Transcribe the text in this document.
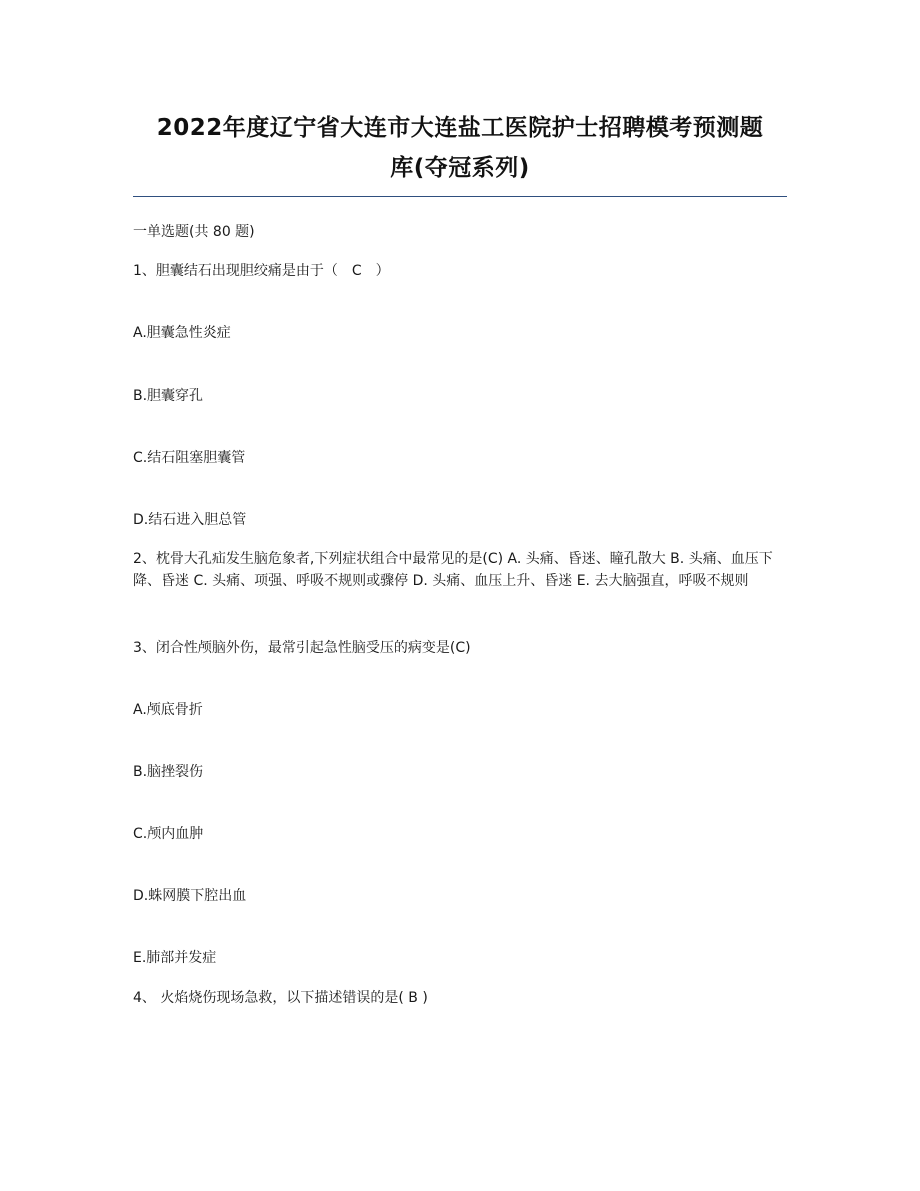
2022年度辽宁省大连市大连盐工医院护士招聘模考预测题
库(夺冠系列)
一单选题(共 80 题)
1、胆囊结石出现胆绞痛是由于（　C　）
A.胆囊急性炎症
B.胆囊穿孔
C.结石阻塞胆囊管
D.结石进入胆总管
2、枕骨大孔疝发生脑危象者,下列症状组合中最常见的是(C) A. 头痛、昏迷、瞳孔散大 B. 头痛、血压下降、昏迷 C. 头痛、项强、呼吸不规则或骤停 D. 头痛、血压上升、昏迷 E. 去大脑强直，呼吸不规则
3、闭合性颅脑外伤，最常引起急性脑受压的病变是(C)
A.颅底骨折
B.脑挫裂伤
C.颅内血肿
D.蛛网膜下腔出血
E.肺部并发症
4、 火焰烧伤现场急救，以下描述错误的是( B )
